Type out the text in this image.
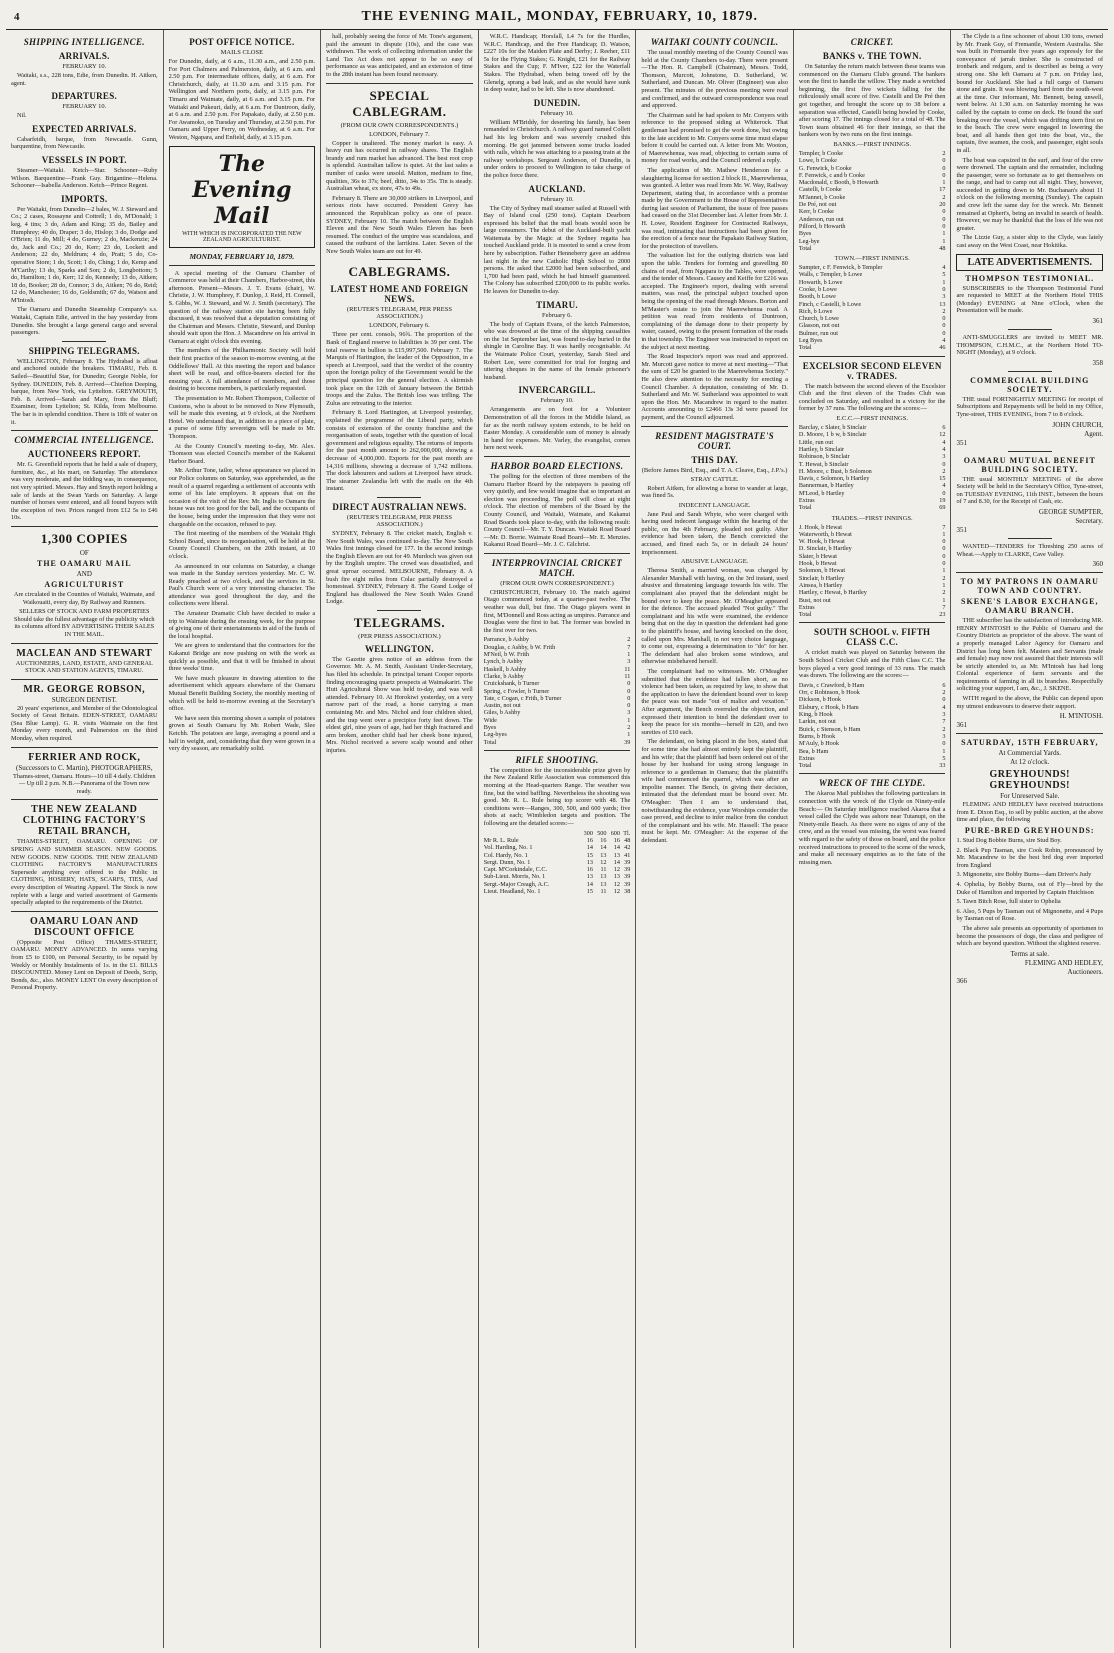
4	THE EVENING MAIL, MONDAY, FEBRUARY, 10, 1879.
SHIPPING INTELLIGENCE.
ARRIVALS.
FEBRUARY 10.

Waitaki, s.s., 228 tons, Edie, from Dunedin. H. Aitken, agent.

DEPARTURES.
FEBRUARY 10.

Nil.

EXPECTED ARRIVALS.

Cabarfeidh, barque, from Newcastle. Gunn, barquentine, from Newcastle.

VESSELS IN PORT.

Steamer—Waitaki. Ketch—Star. Schooner—Ruby Wilson. Barquentine—Frank Guy. Brigantine—Helena. Schooner—Isabella Anderson. Ketch—Prince Regent.

IMPORTS.

Per Waitaki, from Dunedin—2 bales, W. J. Steward and Co.; 2 cases, Rossayne and Cottrell; 1 do, M'Donald; 1 keg, 4 tins; 3 do, Adam and King; 35 do, Bailey and Humphrey; 40 do, Draper; 3 do, Hislop; 3 do, Dodge and O'Brien; 11 do, Mill; 4 do, Gurney; 2 do, Mackenzie; 24 do, Jack and Co.; 20 do, Kerr; 23 do, Lockett and Anderson; 22 do, Meldrum; 4 do, Pratt; 5 do, Co-operative Store; 1 do, Scott; 1 do, Ching; 1 do, Kemp and M'Carthy; 13 do, Sparks and Son; 2 do, Longbottom; 5 do, Hamilton; 1 do, Kerr; 12 do, Kennedy; 13 do, Aitken; 18 do, Booker; 28 do, Connor; 3 do, Aitken; 76 do, Reid; 12 do, Manchester; 16 do, Goldsmith; 67 do, Watson and M'Intosh.

The Oamaru and Dunedin Steamship Company's s.s. Waitaki, Captain Edie, arrived in the bay yesterday from Dunedin. She brought a large general cargo and several passengers.

SHIPPING TELEGRAMS.

WELLINGTON, February 8. The Hydrabad is afloat and anchored outside the breakers. TIMARU, Feb. 8. Sailed—Beautiful Star, for Dunedin; Georgie Noble, for Sydney. DUNEDIN, Feb. 8. Arrived—Chiefton Deeping, barque, from New York, via Lyttelton. GREYMOUTH, Feb. 8. Arrived—Sarah and Mary, from the Bluff; Examiner, from Lyttelton; St. Kilda, from Melbourne. The bar is in splendid condition. There is 18ft of water on it.

COMMERCIAL INTELLIGENCE.
AUCTIONEERS REPORT.

Mr. G. Greenfield reports that he held a sale of drapery, furniture, &c., at his mart, on Saturday. The attendance was very moderate, and the bidding was, in consequence, not very spirited. Messrs. Hay and Smyth report holding a sale of lands at the Swan Yards on Saturday. A large number of horses were entered, and all found buyers with the exception of two. Prices ranged from £12 5s to £46 10s.

1,300 COPIES
OF
THE OAMARU MAIL
AND
AGRICULTURIST

Are circulated in the Counties of Waitaki, Waimate, and Waikouaiti, every day, By Railway and Runners.

SELLERS OF STOCK AND FARM PROPERTIES Should take the fullest advantage of the publicity which its columns afford BY ADVERTISING THEIR SALES IN THE MAIL.

MACLEAN AND STEWART

AUCTIONEERS, LAND, ESTATE, AND GENERAL STOCK AND STATION AGENTS, TIMARU.

MR. GEORGE ROBSON,
SURGEON DENTIST.

20 years' experience, and Member of the Odontological Society of Great Britain. EDEN-STREET, OAMARU (Sea Blue Lamp). G. R. visits Waimate on the first Monday every month, and Palmerston on the third Monday, when required.

FERRIER AND ROCK,
(Successors to C. Martin), PHOTOGRAPHERS,

Thames-street, Oamaru. Hours—10 till 4 daily. Children — Up till 2 p.m. N.B.—Panorama of the Town now ready.

THE NEW ZEALAND CLOTHING FACTORY'S RETAIL BRANCH,

THAMES-STREET, OAMARU. OPENING OF SPRING AND SUMMER SEASON. NEW GOODS. NEW GOODS. NEW GOODS. THE NEW ZEALAND CLOTHING FACTORY'S MANUFACTURES Supersede anything ever offered to the Public in CLOTHING, HOSIERY, HATS, SCARFS, TIES, And every description of Wearing Apparel. The Stock is now replete with a large and varied assortment of Garments specially adapted to the requirements of the District.

OAMARU LOAN AND DISCOUNT OFFICE

(Opposite Post Office) THAMES-STREET, OAMARU. MONEY ADVANCED. In sums varying from £5 to £100, on Personal Security, to be repaid by Weekly or Monthly Instalments of 1s. in the £1. BILLS DISCOUNTED. Money Lent on Deposit of Deeds, Scrip, Bonds, &c., also. MONEY LENT On every description of Personal Property.

POST OFFICE NOTICE.
MAILS CLOSE

For Dunedin, daily, at 6 a.m., 11.30 a.m., and 2.50 p.m. For Port Chalmers and Palmerston, daily, at 6 a.m. and 2.50 p.m. For intermediate offices, daily, at 6 a.m. For Christchurch, daily, at 11.30 a.m. and 3.15 p.m. For Wellington and Northern ports, daily, at 3.15 p.m. For Timaru and Waimate, daily, at 6 a.m. and 3.15 p.m. For Waitaki and Pukeuri, daily, at 6 a.m. For Duntroon, daily, at 6 a.m. and 2.50 p.m. For Papakaio, daily, at 2.50 p.m. For Awamoko, on Tuesday and Thursday, at 2.50 p.m. For Oamaru and Upper Ferry, on Wednesday, at 6 a.m. For Weston, Ngapara, and Enfield, daily, at 3.15 p.m.

The Evening Mail
WITH WHICH IS INCORPORATED THE NEW ZEALAND AGRICULTURIST.
MONDAY, FEBRUARY 10, 1879.

A special meeting of the Oamaru Chamber of Commerce was held at their Chambers, Harbor-street, this afternoon. Present—Messrs. J. T. Evans (chair), W. Christie, J. W. Humphrey, F. Dunlop, J. Reid, H. Connell, S. Gibbs, W. J. Steward, and W. J. Smith (secretary). The question of the railway station site having been fully discussed, it was resolved that a deputation consisting of the Chairman and Messrs. Christie, Steward, and Dunlop should wait upon the Hon. J. Macandrew on his arrival in Oamaru at eight o'clock this evening.

The members of the Philharmonic Society will hold their first practice of the season to-morrow evening, at the Oddfellows' Hall. At this meeting the report and balance sheet will be read, and office-bearers elected for the ensuing year. A full attendance of members, and those desiring to become members, is particularly requested.

The presentation to Mr. Robert Thompson, Collector of Customs, who is about to be removed to New Plymouth, will be made this evening, at 9 o'clock, at the Northern Hotel. We understand that, in addition to a piece of plate, a purse of some fifty sovereigns will be made to Mr. Thompson.

At the County Council's meeting to-day, Mr. Alex. Thomson was elected Council's member of the Kakanui Harbor Board.

Mr. Arthur Tone, tailor, whose appearance we placed in our Police columns on Saturday, was apprehended, as the result of a quarrel regarding a settlement of accounts with some of his late employers. It appears that on the occasion of the visit of the Rev. Mr. Inglis to Oamaru the house was not too good for the ball, and the occupants of the house, being under the impression that they were not chargeable on the occasion, refused to pay.

The first meeting of the members of the Waitaki High School Board, since its reorganisation, will be held at the County Council Chambers, on the 20th instant, at 10 o'clock.

As announced in our columns on Saturday, a change was made in the Sunday services yesterday. Mr. C. W. Ready preached at two o'clock, and the services in St. Paul's Church were of a very interesting character. The attendance was good throughout the day, and the collections were liberal.

The Amateur Dramatic Club have decided to make a trip to Waimate during the ensuing week, for the purpose of giving one of their entertainments in aid of the funds of the local hospital.

We are given to understand that the contractors for the Kakanui Bridge are now pushing on with the work as quickly as possible, and that it will be finished in about three weeks' time.

We have much pleasure in drawing attention to the advertisement which appears elsewhere of the Oamaru Mutual Benefit Building Society, the monthly meeting of which will be held to-morrow evening at the Secretary's office.

We have seen this morning shown a sample of potatoes grown at South Oamaru by Mr. Robert Wade, Slee Ketchh. The potatoes are large, averaging a pound and a half in weight, and, considering that they were grown in a very dry season, are remarkably solid.

hall, probably seeing the force of Mr. Tone's argument, paid the amount in dispute (10s), and the case was withdrawn. The work of collecting information under the Land Tax Act does not appear to be so easy of performance as was anticipated, and an extension of time to the 28th instant has been found necessary.

SPECIAL CABLEGRAM.
(FROM OUR OWN CORRESPONDENTS.)
LONDON, February 7.

Copper is unaltered. The money market is easy. A heavy run has occurred in railway shares. The English brandy and rum market has advanced. The best root crop is splendid. Australian tallow is quiet. At the last sales a number of casks were unsold. Mutton, medium to fine, qualities, 36s to 37s; beef, ditto, 34s to 35s. Tin is steady. Australian wheat, ex store, 47s to 49s.

February 8. There are 30,000 strikers in Liverpool, and serious riots have occurred. President Grevy has announced the Republican policy as one of peace. SYDNEY, February 10. The match between the English Eleven and the New South Wales Eleven has been resumed. The conduct of the umpire was scandalous, and caused the outburst of the larrikins. Later. Seven of the New South Wales team are out for 49.

CABLEGRAMS.
LATEST HOME AND FOREIGN NEWS.
(REUTER'S TELEGRAM, PER PRESS ASSOCIATION.)
LONDON, February 6.

Three per cent. consols, 96¾. The proportion of the Bank of England reserve to liabilities is 39 per cent. The total reserve in bullion is £15,997,500. February 7. The Marquis of Hartington, the leader of the Opposition, in a speech at Liverpool, said that the verdict of the country upon the foreign policy of the Government would be the principal question for the general election. A skirmish took place on the 12th of January between the British troops and the Zulus. The British loss was trifling. The Zulus are retreating to the interior.

February 8. Lord Hartington, at Liverpool yesterday, explained the programme of the Liberal party, which consists of extension of the county franchise and the reorganisation of seats, together with the question of local government and religious equality. The returns of imports for the past month amount to 262,000,000, showing a decrease of 4,000,000. Exports for the past month are 14,316 millions, showing a decrease of 1,742 millions. The dock labourers and sailors at Liverpool have struck. The steamer Zealandia left with the mails on the 4th instant.

DIRECT AUSTRALIAN NEWS.
(REUTER'S TELEGRAM, PER PRESS ASSOCIATION.)

SYDNEY, February 8. The cricket match, English v. New South Wales, was continued to-day. The New South Wales first innings closed for 177. In the second innings the English Eleven are out for 49. Murdoch was given out by the English umpire. The crowd was dissatisfied, and great uproar occurred. MELBOURNE, February 8. A bush fire eight miles from Colac partially destroyed a homestead. SYDNEY, February 8. The Grand Lodge of England has disallowed the New South Wales Grand Lodge.

TELEGRAMS.
(PER PRESS ASSOCIATION.)
WELLINGTON.

The Gazette gives notice of an address from the Governor. Mr. A. M. Smith, Assistant Under-Secretary, has filed his schedule. In principal tenant Cooper reports finding encouraging quartz prospects at Waimakariri. The Hutt Agricultural Show was held to-day, and was well attended. February 10. At Horokiwi yesterday, on a very narrow part of the road, a horse carrying a man containing Mr. and Mrs. Nichol and four children shied, and the trap went over a precipice forty feet down. The eldest girl, nine years of age, had her thigh fractured and arm broken, another child had her cheek bone injured, Mrs. Nichol received a severe scalp wound and other injuries.

W.R.C. Handicap; Horsfall, L4 7s for the Hurdles, W.R.C. Handicap, and the Free Handicap; D. Watson, £227 10s for the Maiden Plate and Derby; J. Reeher, £11 5s for the Flying Stakes; G. Knight, £21 for the Railway Stakes and the Cup; F. M'Iver, £22 for the Waterfall Stakes. The Hydrabad, when being towed off by the Glenelg, sprang a bad leak, and as she would have sunk in deep water, had to be left. She is now abandoned.

DUNEDIN.
February 10.

William M'Briddy, for deserting his family, has been remanded to Christchurch. A railway guard named Collett had his leg broken and was severely crushed this morning. He got jammed between some trucks loaded with rails, which he was attaching to a passing train at the railway workshops. Sergeant Anderson, of Dunedin, is under orders to proceed to Wellington to take charge of the police force there.

AUCKLAND.
February 10.

The City of Sydney mail steamer sailed at Russell with Bay of Island coal (250 tons). Captain Dearborn expressed his belief that the mail boats would soon be large consumers. The debut of the Auckland-built yacht Waitemata by the Magic at the Sydney regatta has touched Auckland pride. It is mooted to send a crew from here by subscription. Father Henneberry gave an address last night in the new Catholic High School to 2000 persons. He asked that £2000 had been subscribed, and 1,700 had been paid, which he had himself guaranteed. The Colony has subscribed £200,000 to its public works. He leaves for Dunedin to-day.

TIMARU.
February 6.

The body of Captain Evans, of the ketch Palmerston, who was drowned at the time of the shipping casualties on the 1st September last, was found to-day buried in the shingle in Caroline Bay. It was hardly recognisable. At the Waimate Police Court, yesterday, Sarah Steel and Robert Lee, were committed for trial for forging and uttering cheques in the name of the female prisoner's husband.

INVERCARGILL.
February 10.

Arrangements are on foot for a Volunteer Demonstration of all the forces in the Middle Island, as far as the north railway system extends, to be held on Easter Monday. A considerable sum of money is already in hand for expenses. Mr. Varley, the evangelist, comes here next week.

HARBOR BOARD ELECTIONS.

The polling for the election of three members of the Oamaru Harbor Board by the ratepayers is passing off very quietly, and few would imagine that so important an election was proceeding. The poll will close at eight o'clock. The election of members of the Board by the County Council, and Waitaki, Waimate, and Kakanui Road Boards took place to-day, with the following result: County Council—Mr. T. Y. Duncan. Waitaki Road Board—Mr. D. Borrie. Waimate Road Board—Mr. E. Menzies. Kakanui Road Board—Mr. J. C. Gilchrist.

INTERPROVINCIAL CRICKET MATCH.
(FROM OUR OWN CORRESPONDENT.)

CHRISTCHURCH, February 10. The match against Otago commenced today, at a quarter-past twelve. The weather was dull, but fine. The Otago players went in first, M'Donnell and Ross acting as umpires. Parrance and Douglas were the first to bat. The former was bowled in the first over for two.

Parrance, b Ashby	2
Douglas, c Ashby, b W. Frith	7
M'Neil, b W. Frith	1
Lynch, b Ashby	3
Haskell, b Ashby	11
Clarke, b Ashby	11
Cruickshank, b Turner	0
Spring, c Fowler, b Turner	0
Tate, c Cogan, c Frith, b Turner	0
Austin, not out	0
Giles, b Ashby	3
Wide	1
Byes	2
Leg-byes	1
Total	39
RIFLE SHOOTING.

The competition for the inconsiderable prize given by the New Zealand Rifle Association was commenced this morning at the Head-quarters Range. The weather was fine, but the wind baffling. Nevertheless the shooting was good. Mr. R. L. Rule being top scorer with 48. The conditions were—Ranges, 300, 500, and 600 yards; five shots at each; Wimbledon targets and position. The following are the detailed scores:—

	300	500	600	Tl.
Mr R. L. Rule	16	16	16	48
Vol. Harding, No. 1	14	14	14	42
Col. Hardy, No. 1	15	13	13	41
Sergt. Dunn, No. 1	13	12	14	39
Capt. M'Corkindale, C.C.	16	11	12	39
Sub-Lieut. Morris, No. 1	13	13	13	39
Sergt.-Major Creagh, A.C.	14	13	12	39
Lieut. Headland, No. 1	15	11	12	38
WAITAKI COUNTY COUNCIL.

The usual monthly meeting of the County Council was held at the County Chambers to-day. There were present—The Hon. R. Campbell (Chairman), Messrs. Todd, Thomson, Murcott, Johnstone, D. Sutherland, W. Sutherland, and Duncan. Mr. Oliver (Engineer) was also present. The minutes of the previous meeting were read and confirmed, and the outward correspondence was read and approved.

The Chairman said he had spoken to Mr. Conyers with reference to the proposed siding at Whiterock. That gentleman had promised to get the work done, but owing to the late accident to Mr. Conyers some time must elapse before it could be carried out. A letter from Mr. Wooton, of Maerewhenua, was read, objecting to certain sums of money for road works, and the Council ordered a reply.

The application of Mr. Mathew Henderson for a slaughtering license for section 2 block II., Maerewhenua, was granted. A letter was read from Mr. W. Way, Railway Department, stating that, in accordance with a promise made by the Government to the House of Representatives during last session of Parliament, the issue of free passes had ceased on the 31st December last. A letter from Mr. J. H. Lowe, Resident Engineer for Contracted Railways, was read, intimating that instructions had been given for the erection of a fence near the Papakaio Railway Station, for the protection of travellers.

The valuation list for the outlying districts was laid upon the table. Tenders for forming and gravelling 80 chains of road, from Ngapara to the Tables, were opened, and the tender of Messrs. Causey and Keiffe for £216 was accepted. The Engineer's report, dealing with several matters, was read, the principal subject touched upon being the opening of the road through Messrs. Borton and M'Master's estate to join the Maerewhenua road. A petition was read from residents of Duntroon, complaining of the damage done to their property by water, caused, owing to the present formation of the roads in that township. The Engineer was instructed to report on the subject at next meeting.

The Road Inspector's report was read and approved. Mr. Murcott gave notice to move at next meeting—"That the sum of £20 be granted to the Maerewhenua Society." He also drew attention to the necessity for erecting a Council Chamber. A deputation, consisting of Mr. D. Sutherland and Mr. W. Sutherland was appointed to wait upon the Hon. Mr. Macandrew in regard to the matter. Accounts amounting to £2466 13s 3d were passed for payment, and the Council adjourned.

RESIDENT MAGISTRATE'S COURT.
THIS DAY.
(Before James Bird, Esq., and T. A. Cleave, Esq., J.P.'s.)
STRAY CATTLE.

Robert Aitken, for allowing a horse to wander at large, was fined 5s.

INDECENT LANGUAGE.

Jane Paul and Sarah Whyte, who were charged with having used indecent language within the hearing of the public, on the 4th February, pleaded not guilty. After evidence had been taken, the Bench convicted the accused, and fined each 5s, or in default 24 hours' imprisonment.

ABUSIVE LANGUAGE.

Theresa Smith, a married woman, was charged by Alexander Marshall with having, on the 3rd instant, used abusive and threatening language towards his wife. The complainant also prayed that the defendant might be bound over to keep the peace. Mr. O'Meagher appeared for the defence. The accused pleaded "Not guilty." The complainant and his wife were examined, the evidence being that on the day in question the defendant had gone to the plaintiff's house, and having knocked on the door, called upon Mrs. Marshall, in not very choice language, to come out, expressing a determination to "do" for her. The defendant had also broken some windows, and otherwise misbehaved herself.

The complainant had no witnesses. Mr. O'Meagher submitted that the evidence had fallen short, as no violence had been taken, as required by law, to show that the application to have the defendant bound over to keep the peace was not made "out of malice and vexation." After argument, the Bench overruled the objection, and expressed their intention to bind the defendant over to keep the peace for six months—herself in £20, and two sureties of £10 each.

The defendant, on being placed in the box, stated that for some time she had almost entirely kept the plaintiff, and his wife; that the plaintiff had been ordered out of the house by her husband for using strong language in reference to a gentleman in Oamaru; that the plaintiff's wife had commenced the quarrel, which was after an impolite manner. The Bench, in giving their decision, intimated that the defendant must be bound over. Mr. O'Meagher: Then I am to understand that, notwithstanding the evidence, your Worships consider the case proved, and decline to infer malice from the conduct of the complainant and his wife. Mr. Hassell: The peace must be kept. Mr. O'Meagher: At the expense of the defendant.

CRICKET.
BANKS v. THE TOWN.

On Saturday the return match between these teams was commenced on the Oamaru Club's ground. The bankers won the first to handle the willow. They made a wretched beginning, the first five wickets falling for the ridiculously small score of five. Castelli and De Pré then got together, and brought the score up to 38 before a separation was effected, Castelli being bowled by Cooke, after scoring 17. The innings closed for a total of 48. The Town team obtained 46 for their innings, so that the bankers won by two runs on the first innings.

BANKS.—FIRST INNINGS.
Templer, b Cooke	2
Lowe, b Cooke	0
G. Fenwick, b Cooke	0
F. Fenwick, c and b Cooke	0
Macdonald, c Booth, b Howarth	1
Castelli, b Cooke	17
M'Jannet, b Cooke	2
De Pré, not out	20
Kerr, b Cooke	0
Anderson, run out	0
Pilford, b Howarth	0
Byes	1
Leg-bye	1
Total	48
TOWN.—FIRST INNINGS.
Sumpter, c F. Fenwick, b Templer	4
Walls, c Templer, b Lowe	5
Howarth, b Lowe	1
Cooke, b Lowe	0
Booth, b Lowe	3
Finch, c Castelli, b Lowe	13
Rich, b Lowe	2
Church, b Lowe	0
Glasson, not out	0
Bulmer, run out	0
Leg Byes	4
Total	46
EXCELSIOR SECOND ELEVEN v. TRADES.

The match between the second eleven of the Excelsior Club and the first eleven of the Trades Club was concluded on Saturday, and resulted in a victory for the former by 37 runs. The following are the scores:—

E.C.C.—FIRST INNINGS.
Barclay, c Slater, b Sinclair	6
D. Moore, 1 b w, b Sinclair	12
Little, run out	4
Hartley, b Sinclair	4
Robinson, b Sinclair	3
T. Hewat, b Sinclair	0
H. Moore, c Bust, b Solomon	2
Davis, c Solomon, b Hartley	15
Bannerman, b Hartley	4
M'Leod, b Hartley	0
Extras	19
Total	69
TRADES.—FIRST INNINGS.
J. Hook, b Hewat	7
Waterworth, b Hewat	1
W. Hook, b Hewat	0
D. Sinclair, b Hartley	0
Slater, b Hewat	0
Hook, b Hewat	0
Solomon, b Hewat	1
Sinclair, b Hartley	2
Ainsea, b Hartley	1
Hartley, c Hewat, b Hartley	2
Bust, not out	1
Extras	7
Total	23
SOUTH SCHOOL v. FIFTH CLASS C.C.

A cricket match was played on Saturday between the South School Cricket Club and the Fifth Class C.C. The boys played a very good innings of 33 runs. The match was drawn. The following are the scores:—

Davis, c Crawford, b Ham	6
Orr, c Robinson, b Hook	2
Dickson, b Hook	0
Elsbury, c Hook, b Ham	4
King, b Hook	3
Larkin, not out	7
Buick, c Stenson, b Ham	2
Burns, b Hook	3
M'Auly, b Hook	0
Bea, b Ham	1
Extras	5
Total	33
WRECK OF THE CLYDE.

The Akaroa Mail publishes the following particulars in connection with the wreck of the Clyde on Ninety-mile Beach:— On Saturday intelligence reached Akaroa that a vessel called the Clyde was ashore near Tutanupi, on the Ninety-mile Beach. As there were no signs of any of the crew, and as the vessel was missing, the worst was feared with regard to the safety of those on board, and the police received instructions to proceed to the scene of the wreck, and make all necessary enquiries as to the fate of the missing men.

The Clyde is a fine schooner of about 130 tons, owned by Mr. Frank Guy, of Fremantle, Western Australia. She was built in Fremantle five years ago expressly for the conveyance of jarrah timber. She is constructed of ironbark and redgum, and is described as being a very strong one. She left Oamaru at 7 p.m. on Friday last, bound for Auckland. She had a full cargo of Oamaru stone and grain. It was blowing hard from the south-west at the time. Our informant, Mr. Bennett, being unwell, went below. At 1.30 a.m. on Saturday morning he was called by the captain to come on deck. He found the surf breaking over the vessel, which was drifting stern first on to the beach. The crew were engaged in lowering the boat, and all hands then got into the boat, viz., the captain, five seamen, the cook, and passenger, eight souls in all.

The boat was capsized in the surf, and four of the crew were drowned. The captain and the remainder, including the passenger, were so fortunate as to get themselves on the range, and had to camp out all night. They, however, succeeded in getting down to Mr. Buchanan's about 11 o'clock on the following morning (Sunday). The captain and crew left the same day for the wreck. Mr. Bennett remained at Ophert's, being an invalid in search of health. However, we may be thankful that the loss of life was not greater.

The Lizzie Guy, a sister ship to the Clyde, was lately cast away on the West Coast, near Hokitika.

LATE ADVERTISEMENTS.
THOMPSON TESTIMONIAL.

SUBSCRIBERS to the Thompson Testimonial Fund are requested to MEET at the Northern Hotel THIS (Monday) EVENING at Nine o'Clock, when the Presentation will be made.

361

ANTI-SMUGGLERS are invited to MEET MR. THOMPSON, C.H.M.C., at the Northern Hotel TO-NIGHT (Monday), at 9 o'clock.

358
COMMERCIAL BUILDING SOCIETY.

THE usual FORTNIGHTLY MEETING for receipt of Subscriptions and Repayments will be held in my Office, Tyne-street, THIS EVENING, from 7 to 8 o'clock.

JOHN CHURCH,
Agent.
351
OAMARU MUTUAL BENEFIT BUILDING SOCIETY.

THE usual MONTHLY MEETING of the above Society will be held in the Secretary's Office, Tyne-street, on TUESDAY EVENING, 11th INST., between the hours of 7 and 8.30, for the Receipt of Cash, etc.

GEORGE SUMPTER,
Secretary.
351

WANTED—TENDERS for Threshing 250 acres of Wheat.—Apply to CLARKE, Cave Valley.

360
TO MY PATRONS IN OAMARU TOWN AND COUNTRY.
SKENE'S LABOR EXCHANGE, OAMARU BRANCH.

THE subscriber has the satisfaction of introducing MR. HENRY M'INTOSH to the Public of Oamaru and the Country Districts as proprietor of the above. The want of a properly managed Labor Agency for Oamaru and District has long been felt. Masters and Servants (male and female) may now rest assured that their interests will be strictly attended to, as Mr. M'Intosh has had long Colonial experience of farm servants and the requirements of farming in all its branches. Respectfully soliciting your support, I am, &c., J. SKENE.

WITH regard to the above, the Public can depend upon my utmost endeavours to deserve their support.

H. M'INTOSH.
361
SATURDAY, 15TH FEBRUARY,
At Commercial Yards.
At 12 o'clock.
GREYHOUNDS! GREYHOUNDS!
For Unreserved Sale.

FLEMING AND HEDLEY have received instructions from E. Dixon Esq., to sell by public auction, at the above time and place, the following

PURE-BRED GREYHOUNDS:

1. Stud Dog Bobbie Burns, sire Stud Boy.

2. Black Pup Tasman, sire Cook Robin, pronounced by Mr. Macandrew to be the best brd dog ever imported from England

3. Mignonette, sire Bobby Burns—dam Driver's Judy

4. Ophelia, by Bobby Burns, out of Fly—bred by the Duke of Hamilton and imported by Captain Hutchison

5. Tawn Bitch Rose, full sister to Ophelia

6. Also, 5 Pups by Tasman out of Mignonette, and 4 Pups by Tasman out of Rose.

The above sale presents an opportunity of sportsmen to become the possessors of dogs, the class and pedigree of which are beyond question. Without the slightest reserve.

Terms at sale.
FLEMING AND HEDLEY,
Auctioneers.
366
